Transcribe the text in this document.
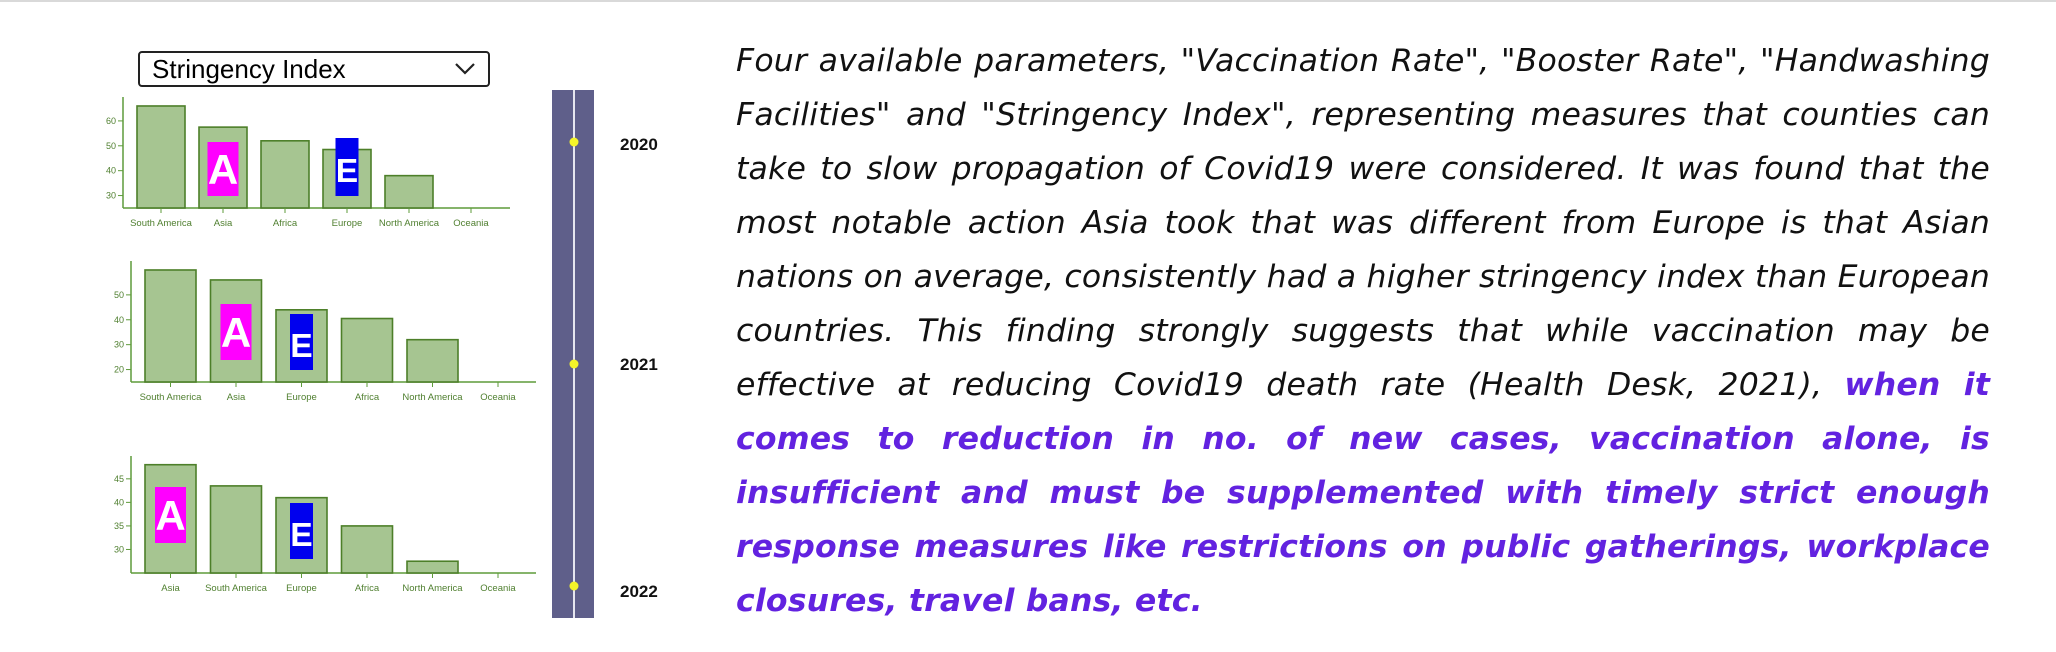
Stringency Index
30
40
50
60
South America Asia	Africa	Europe North America Oceania
A	E
20
30
40
50
South America	Asia	Europe	Africa North America Oceania
A E
30
35
40
45
Asia	South America Europe	Africa North America Oceania
A	E
2020
2021
2022

Four available parameters, "Vaccination Rate", "Booster Rate", "Handwashing Facilities" and "Stringency Index", representing measures that counties can take to slow propagation of Covid19 were considered. It was found that the most notable action Asia took that was different from Europe is that Asian nations on average, consistently had a higher stringency index than European countries. This finding strongly suggests that while vaccination may be effective at reducing Covid19 death rate (Health Desk, 2021), when it comes to reduction in no. of new cases, vaccination alone, is insufficient and must be supplemented with timely strict enough response measures like restrictions on public gatherings, workplace closures, travel bans, etc.
